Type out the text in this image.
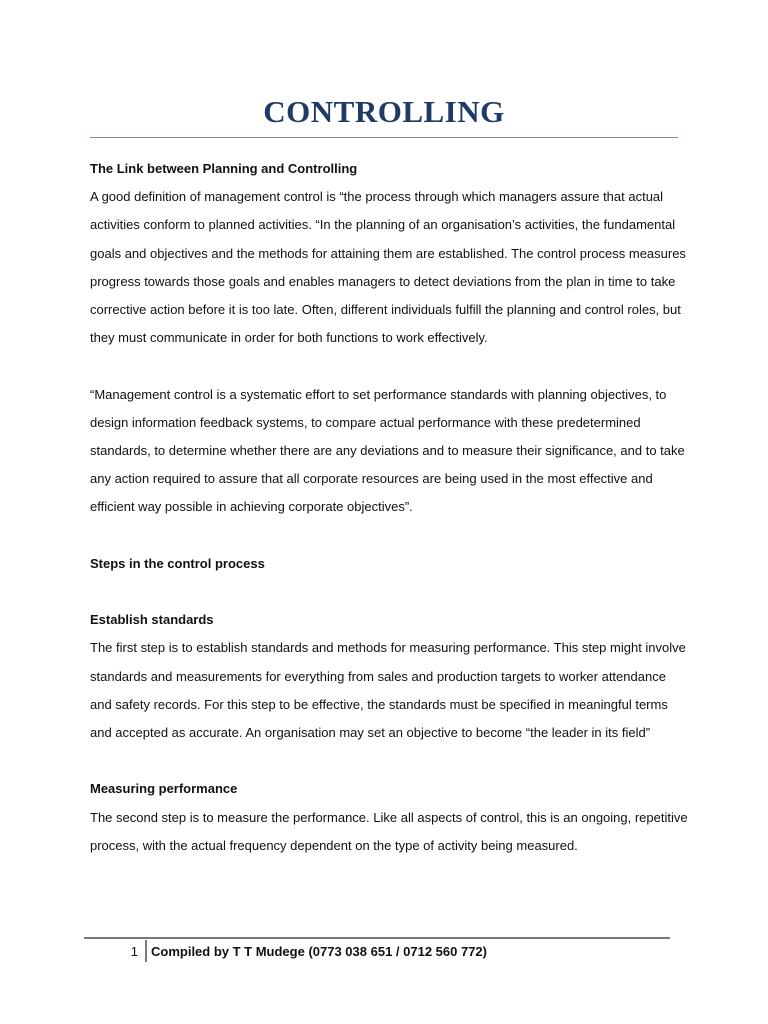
CONTROLLING

The Link between Planning and Controlling

A good definition of management control is “the process through which managers assure that actual activities conform to planned activities. “In the planning of an organisation’s activities, the fundamental goals and objectives and the methods for attaining them are established. The control process measures progress towards those goals and enables managers to detect deviations from the plan in time to take corrective action before it is too late. Often, different individuals fulfill the planning and control roles, but they must communicate in order for both functions to work effectively.

“Management control is a systematic effort to set performance standards with planning objectives, to design information feedback systems, to compare actual performance with these predetermined standards, to determine whether there are any deviations and to measure their significance, and to take any action required to assure that all corporate resources are being used in the most effective and efficient way possible in achieving corporate objectives”.

Steps in the control process

Establish standards

The first step is to establish standards and methods for measuring performance. This step might involve standards and measurements for everything from sales and production targets to worker attendance and safety records. For this step to be effective, the standards must be specified in meaningful terms and accepted as accurate. An organisation may set an objective to become “the leader in its field”

Measuring performance

The second step is to measure the performance. Like all aspects of control, this is an ongoing, repetitive process, with the actual frequency dependent on the type of activity being measured.

1 Compiled by T T Mudege (0773 038 651 / 0712 560 772)
